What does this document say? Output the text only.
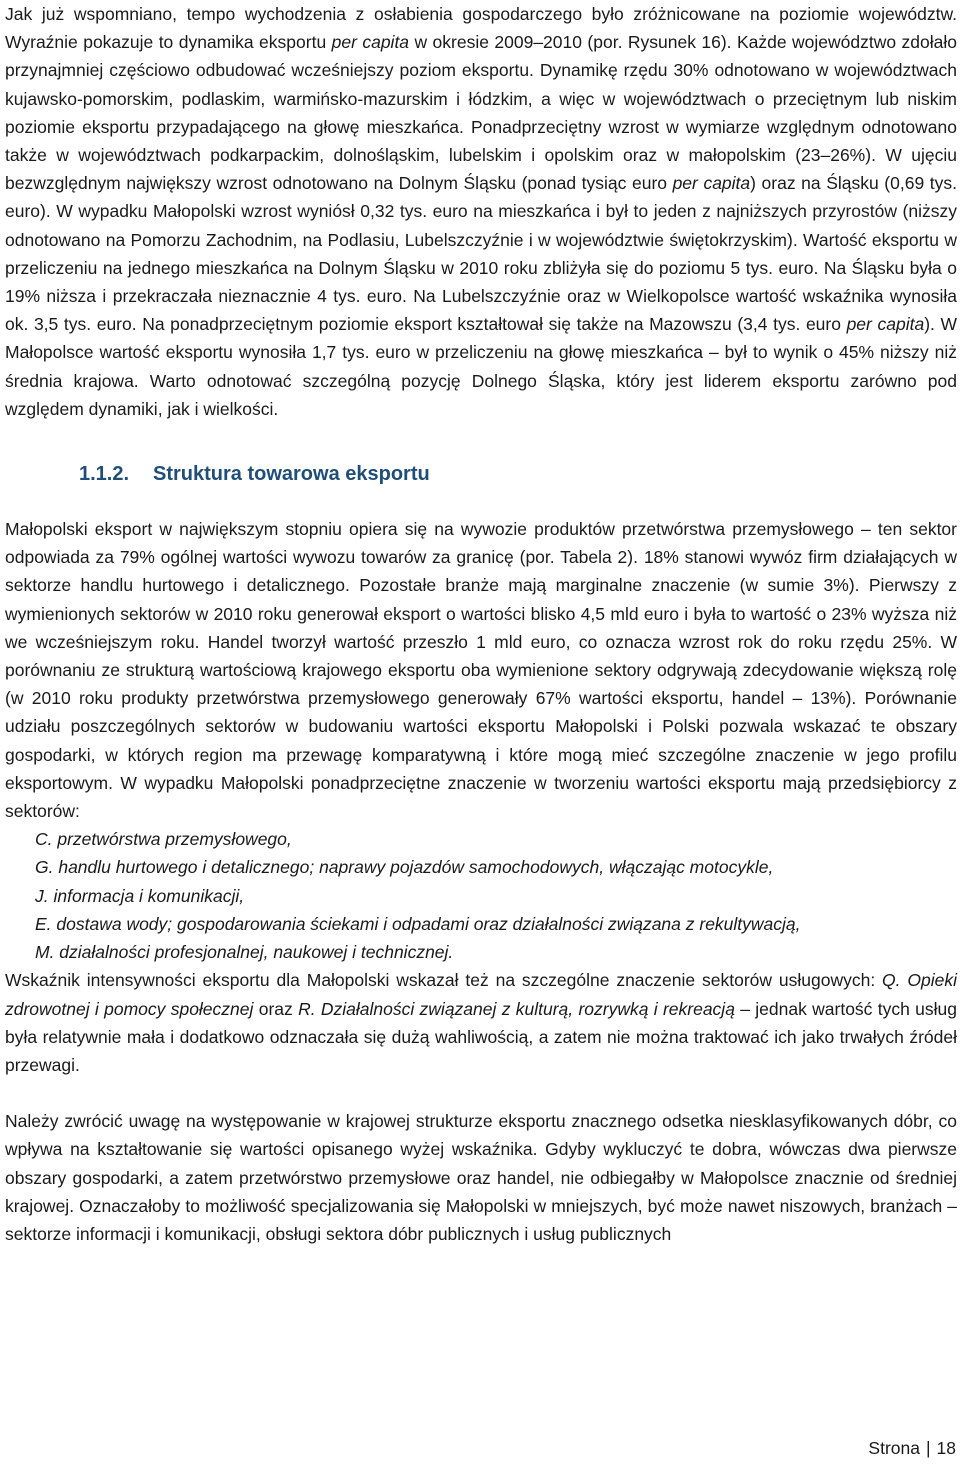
Jak już wspomniano, tempo wychodzenia z osłabienia gospodarczego było zróżnicowane na poziomie województw. Wyraźnie pokazuje to dynamika eksportu per capita w okresie 2009–2010 (por. Rysunek 16). Każde województwo zdołało przynajmniej częściowo odbudować wcześniejszy poziom eksportu. Dynamikę rzędu 30% odnotowano w województwach kujawsko-pomorskim, podlaskim, warmińsko-mazurskim i łódzkim, a więc w województwach o przeciętnym lub niskim poziomie eksportu przypadającego na głowę mieszkańca. Ponadprzeciętny wzrost w wymiarze względnym odnotowano także w województwach podkarpackim, dolnośląskim, lubelskim i opolskim oraz w małopolskim (23–26%). W ujęciu bezwzględnym największy wzrost odnotowano na Dolnym Śląsku (ponad tysiąc euro per capita) oraz na Śląsku (0,69 tys. euro). W wypadku Małopolski wzrost wyniósł 0,32 tys. euro na mieszkańca i był to jeden z najniższych przyrostów (niższy odnotowano na Pomorzu Zachodnim, na Podlasiu, Lubelszczyźnie i w województwie świętokrzyskim). Wartość eksportu w przeliczeniu na jednego mieszkańca na Dolnym Śląsku w 2010 roku zbliżyła się do poziomu 5 tys. euro. Na Śląsku była o 19% niższa i przekraczała nieznacznie 4 tys. euro. Na Lubelszczyźnie oraz w Wielkopolsce wartość wskaźnika wynosiła ok. 3,5 tys. euro. Na ponadprzeciętnym poziomie eksport kształtował się także na Mazowszu (3,4 tys. euro per capita). W Małopolsce wartość eksportu wynosiła 1,7 tys. euro w przeliczeniu na głowę mieszkańca – był to wynik o 45% niższy niż średnia krajowa. Warto odnotować szczególną pozycję Dolnego Śląska, który jest liderem eksportu zarówno pod względem dynamiki, jak i wielkości.

1.1.2. Struktura towarowa eksportu

Małopolski eksport w największym stopniu opiera się na wywozie produktów przetwórstwa przemysłowego – ten sektor odpowiada za 79% ogólnej wartości wywozu towarów za granicę (por. Tabela 2). 18% stanowi wywóz firm działających w sektorze handlu hurtowego i detalicznego. Pozostałe branże mają marginalne znaczenie (w sumie 3%). Pierwszy z wymienionych sektorów w 2010 roku generował eksport o wartości blisko 4,5 mld euro i była to wartość o 23% wyższa niż we wcześniejszym roku. Handel tworzył wartość przeszło 1 mld euro, co oznacza wzrost rok do roku rzędu 25%. W porównaniu ze strukturą wartościową krajowego eksportu oba wymienione sektory odgrywają zdecydowanie większą rolę (w 2010 roku produkty przetwórstwa przemysłowego generowały 67% wartości eksportu, handel – 13%). Porównanie udziału poszczególnych sektorów w budowaniu wartości eksportu Małopolski i Polski pozwala wskazać te obszary gospodarki, w których region ma przewagę komparatywną i które mogą mieć szczególne znaczenie w jego profilu eksportowym. W wypadku Małopolski ponadprzeciętne znaczenie w tworzeniu wartości eksportu mają przedsiębiorcy z sektorów:

C. przetwórstwa przemysłowego,
G. handlu hurtowego i detalicznego; naprawy pojazdów samochodowych, włączając motocykle,
J. informacja i komunikacji,
E. dostawa wody; gospodarowania ściekami i odpadami oraz działalności związana z rekultywacją,
M. działalności profesjonalnej, naukowej i technicznej.

Wskaźnik intensywności eksportu dla Małopolski wskazał też na szczególne znaczenie sektorów usługowych: Q. Opieki zdrowotnej i pomocy społecznej oraz R. Działalności związanej z kulturą, rozrywką i rekreacją – jednak wartość tych usług była relatywnie mała i dodatkowo odznaczała się dużą wahliwością, a zatem nie można traktować ich jako trwałych źródeł przewagi.

Należy zwrócić uwagę na występowanie w krajowej strukturze eksportu znacznego odsetka niesklasyfikowanych dóbr, co wpływa na kształtowanie się wartości opisanego wyżej wskaźnika. Gdyby wykluczyć te dobra, wówczas dwa pierwsze obszary gospodarki, a zatem przetwórstwo przemysłowe oraz handel, nie odbiegałby w Małopolsce znacznie od średniej krajowej. Oznaczałoby to możliwość specjalizowania się Małopolski w mniejszych, być może nawet niszowych, branżach – sektorze informacji i komunikacji, obsługi sektora dóbr publicznych i usług publicznych

Strona | 18
